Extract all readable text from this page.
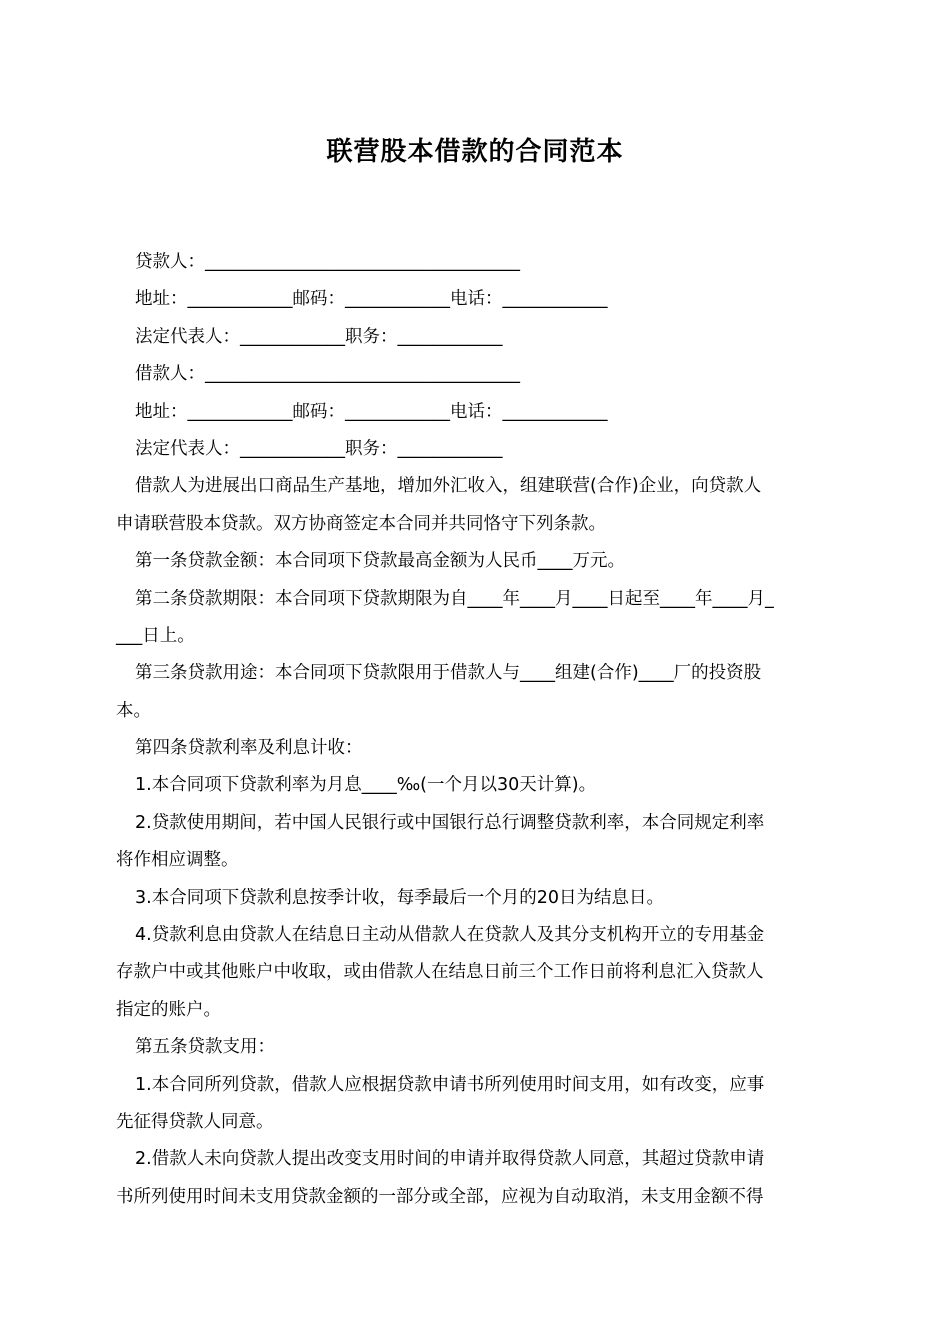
联营股本借款的合同范本
贷款人：____________________________________
地址：____________邮码：____________电话：____________
法定代表人：____________职务：____________
借款人：____________________________________
地址：____________邮码：____________电话：____________
法定代表人：____________职务：____________
借款人为进展出口商品生产基地，增加外汇收入，组建联营(合作)企业，向贷款人
申请联营股本贷款。双方协商签定本合同并共同恪守下列条款。
第一条贷款金额：本合同项下贷款最高金额为人民币____万元。
第二条贷款期限：本合同项下贷款期限为自____年____月____日起至____年____月_
___日上。
第三条贷款用途：本合同项下贷款限用于借款人与____组建(合作)____厂的投资股
本。
第四条贷款利率及利息计收：
1.本合同项下贷款利率为月息____‰(一个月以30天计算)。
2.贷款使用期间，若中国人民银行或中国银行总行调整贷款利率，本合同规定利率
将作相应调整。
3.本合同项下贷款利息按季计收，每季最后一个月的20日为结息日。
4.贷款利息由贷款人在结息日主动从借款人在贷款人及其分支机构开立的专用基金
存款户中或其他账户中收取，或由借款人在结息日前三个工作日前将利息汇入贷款人
指定的账户。
第五条贷款支用：
1.本合同所列贷款，借款人应根据贷款申请书所列使用时间支用，如有改变，应事
先征得贷款人同意。
2.借款人未向贷款人提出改变支用时间的申请并取得贷款人同意，其超过贷款申请
书所列使用时间未支用贷款金额的一部分或全部，应视为自动取消，未支用金额不得
